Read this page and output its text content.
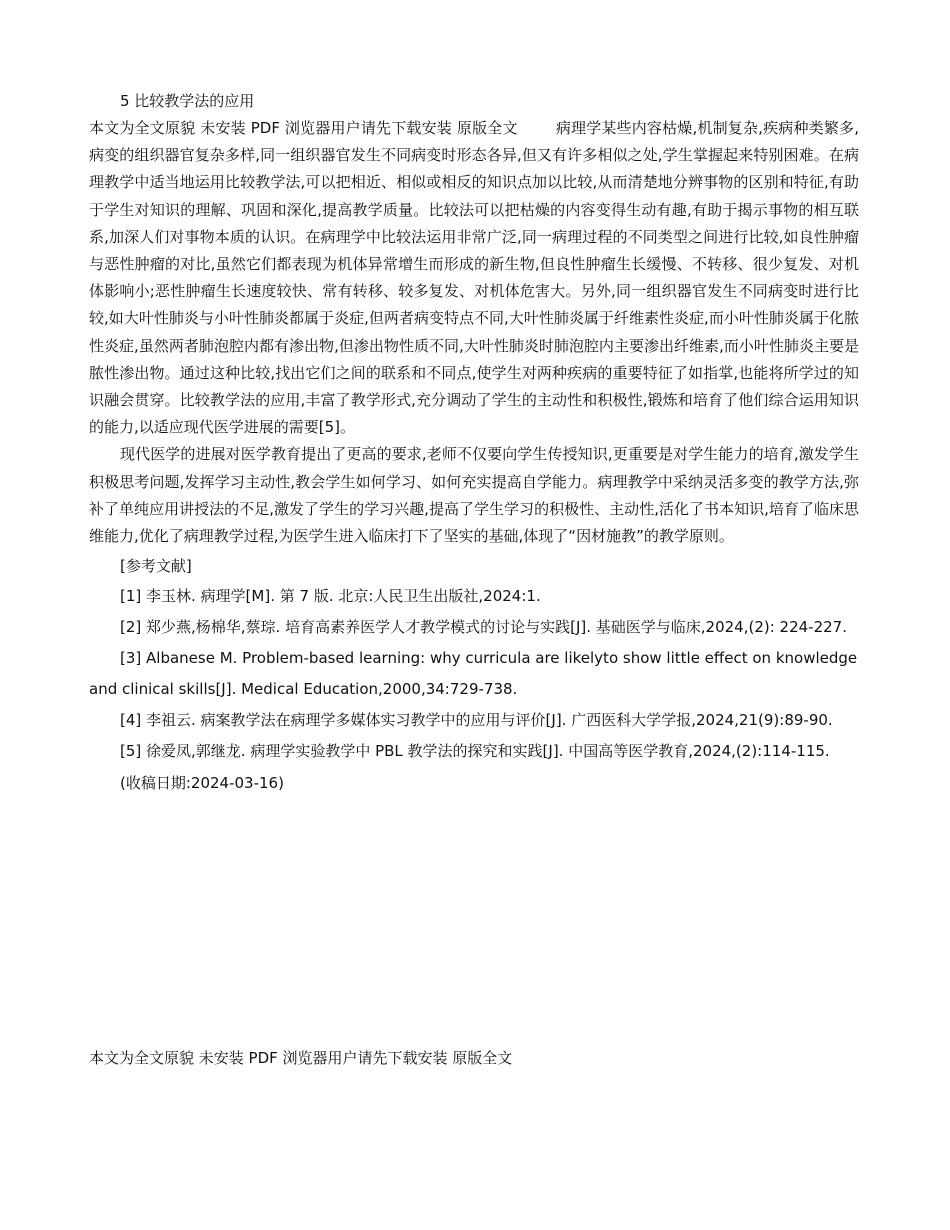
5 比较教学法的应用

本文为全文原貌 未安装 PDF 浏览器用户请先下载安装 原版全文	病理学某些内容枯燥,机制复杂,疾病种类繁多,病变的组织器官复杂多样,同一组织器官发生不同病变时形态各异,但又有许多相似之处,学生掌握起来特别困难。在病理教学中适当地运用比较教学法,可以把相近、相似或相反的知识点加以比较,从而清楚地分辨事物的区别和特征,有助于学生对知识的理解、巩固和深化,提高教学质量。比较法可以把枯燥的内容变得生动有趣,有助于揭示事物的相互联系,加深人们对事物本质的认识。在病理学中比较法运用非常广泛,同一病理过程的不同类型之间进行比较,如良性肿瘤与恶性肿瘤的对比,虽然它们都表现为机体异常增生而形成的新生物,但良性肿瘤生长缓慢、不转移、很少复发、对机体影响小;恶性肿瘤生长速度较快、常有转移、较多复发、对机体危害大。另外,同一组织器官发生不同病变时进行比较,如大叶性肺炎与小叶性肺炎都属于炎症,但两者病变特点不同,大叶性肺炎属于纤维素性炎症,而小叶性肺炎属于化脓性炎症,虽然两者肺泡腔内都有渗出物,但渗出物性质不同,大叶性肺炎时肺泡腔内主要渗出纤维素,而小叶性肺炎主要是脓性渗出物。通过这种比较,找出它们之间的联系和不同点,使学生对两种疾病的重要特征了如指掌,也能将所学过的知识融会贯穿。比较教学法的应用,丰富了教学形式,充分调动了学生的主动性和积极性,锻炼和培育了他们综合运用知识的能力,以适应现代医学进展的需要[5]。

现代医学的进展对医学教育提出了更高的要求,老师不仅要向学生传授知识,更重要是对学生能力的培育,激发学生积极思考问题,发挥学习主动性,教会学生如何学习、如何充实提高自学能力。病理教学中采纳灵活多变的教学方法,弥补了单纯应用讲授法的不足,激发了学生的学习兴趣,提高了学生学习的积极性、主动性,活化了书本知识,培育了临床思维能力,优化了病理教学过程,为医学生进入临床打下了坚实的基础,体现了“因材施教”的教学原则。

[参考文献]

[1] 李玉林. 病理学[M]. 第 7 版. 北京:人民卫生出版社,2024:1.

[2] 郑少燕,杨棉华,蔡琮. 培育高素养医学人才教学模式的讨论与实践[J]. 基础医学与临床,2024,(2): 224-227.

[3] Albanese M. Problem-based learning: why curricula are likelyto show little effect on knowledge and clinical skills[J]. Medical Education,2000,34:729-738.

[4] 李祖云. 病案教学法在病理学多媒体实习教学中的应用与评价[J]. 广西医科大学学报,2024,21(9):89-90.

[5] 徐爱凤,郭继龙. 病理学实验教学中 PBL 教学法的探究和实践[J]. 中国高等医学教育,2024,(2):114-115.

(收稿日期:2024-03-16)

本文为全文原貌 未安装 PDF 浏览器用户请先下载安装 原版全文
